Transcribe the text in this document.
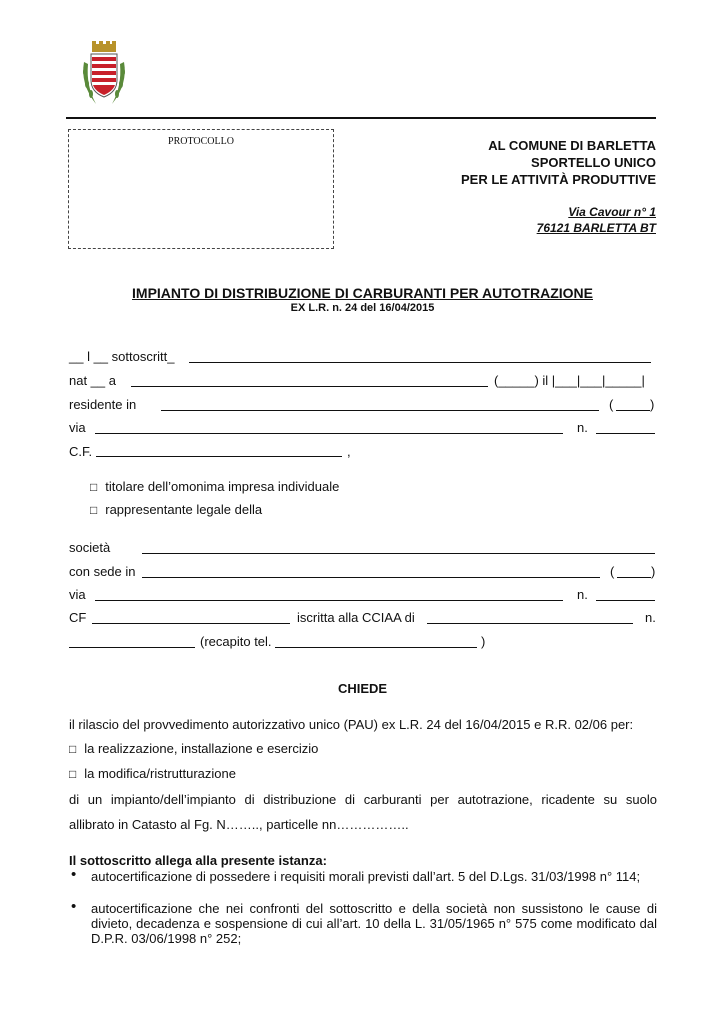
PROTOCOLLO	AL COMUNE DI BARLETTA
SPORTELLO UNICO
PER LE ATTIVITÀ PRODUTTIVE
Via Cavour n° 1
76121 BARLETTA BT
IMPIANTO DI DISTRIBUZIONE DI CARBURANTI PER AUTOTRAZIONE
EX L.R. n. 24 del 16/04/2015
__ l __ sottoscritt_
nat __ a	(_____) il |___|___|_____|
residente in	(	)
via	n.
C.F.	,
□ titolare dell’omonima impresa individuale
□ rappresentante legale della
società
con sede in	(	)
via	n.
CF	iscritta alla CCIAA di	n.
(recapito tel.	)
CHIEDE
il rilascio del provvedimento autorizzativo unico (PAU) ex L.R. 24 del 16/04/2015 e R.R. 02/06 per:
□ la realizzazione, installazione e esercizio
□ la modifica/ristrutturazione
di un impianto/dell’impianto di distribuzione di carburanti per autotrazione, ricadente su suolo
allibrato in Catasto al Fg. N…….., particelle nn……………..
Il sottoscritto allega alla presente istanza:
• autocertificazione di possedere i requisiti morali previsti dall’art. 5 del D.Lgs. 31/03/1998 n° 114;
• autocertificazione che nei confronti del sottoscritto e della società non sussistono le cause di divieto, decadenza e sospensione di cui all’art. 10 della L. 31/05/1965 n° 575 come modificato dal D.P.R. 03/06/1998 n° 252;
